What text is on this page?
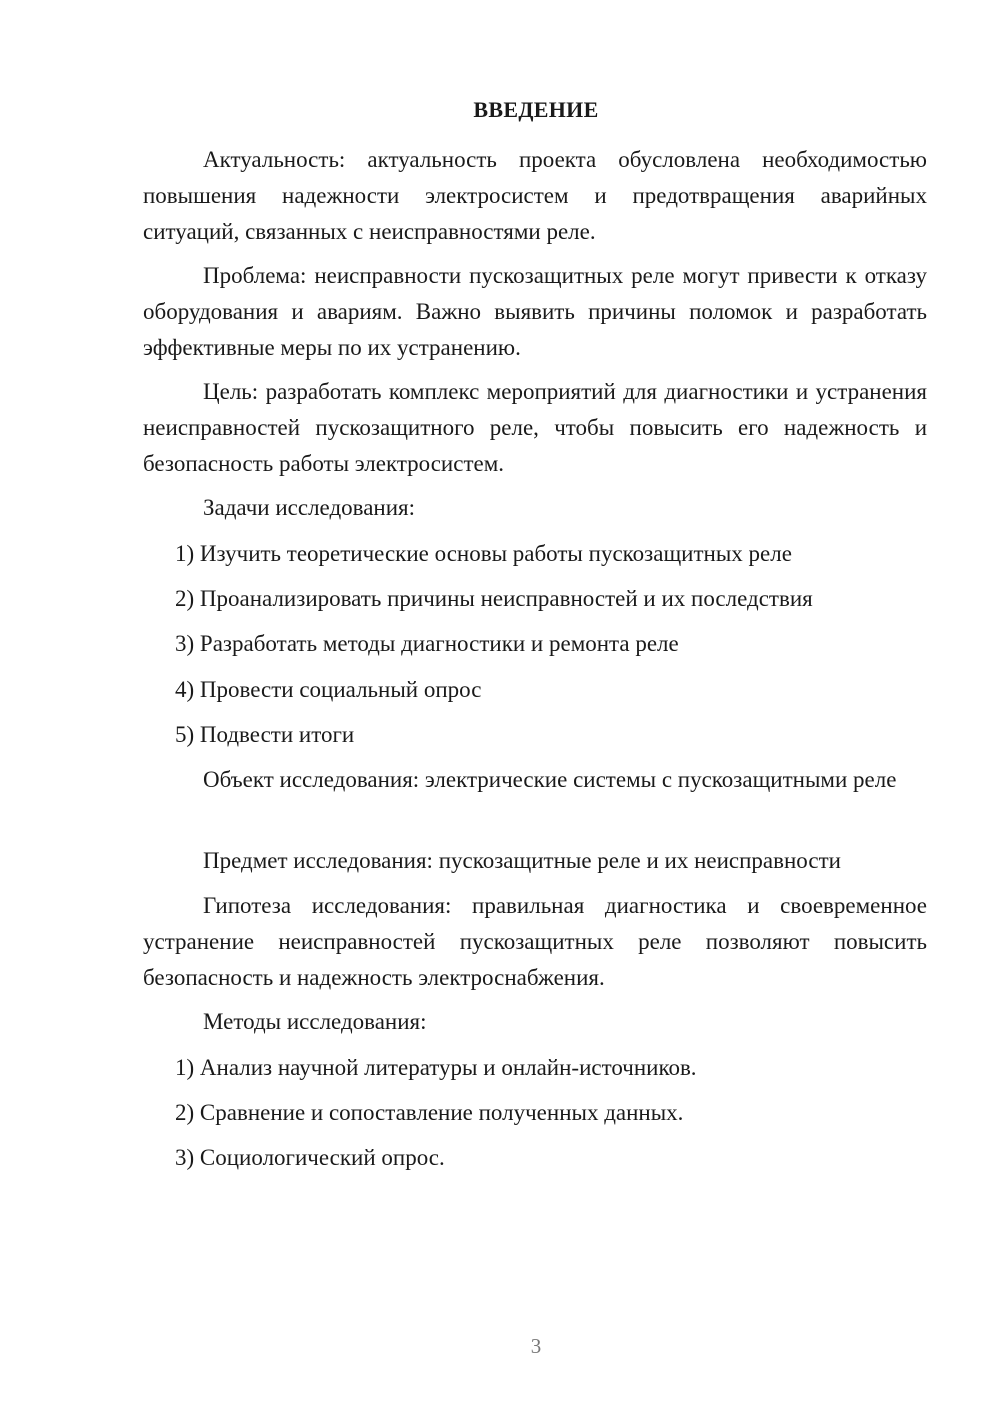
ВВЕДЕНИЕ

Актуальность: актуальность проекта обусловлена необходимостью повышения надежности электросистем и предотвращения аварийных ситуаций, связанных с неисправностями реле.

Проблема: неисправности пускозащитных реле могут привести к отказу оборудования и авариям. Важно выявить причины поломок и разработать эффективные меры по их устранению.

Цель: разработать комплекс мероприятий для диагностики и устранения неисправностей пускозащитного реле, чтобы повысить его надежность и безопасность работы электросистем.

Задачи исследования:

1) Изучить теоретические основы работы пускозащитных реле

2) Проанализировать причины неисправностей и их последствия

3) Разработать методы диагностики и ремонта реле

4) Провести социальный опрос

5) Подвести итоги

Объект исследования: электрические системы с пускозащитными реле

Предмет исследования: пускозащитные реле и их неисправности

Гипотеза исследования: правильная диагностика и своевременное устранение неисправностей пускозащитных реле позволяют повысить безопасность и надежность электроснабжения.

Методы исследования:

1) Анализ научной литературы и онлайн-источников.

2) Сравнение и сопоставление полученных данных.

3) Социологический опрос.

3
